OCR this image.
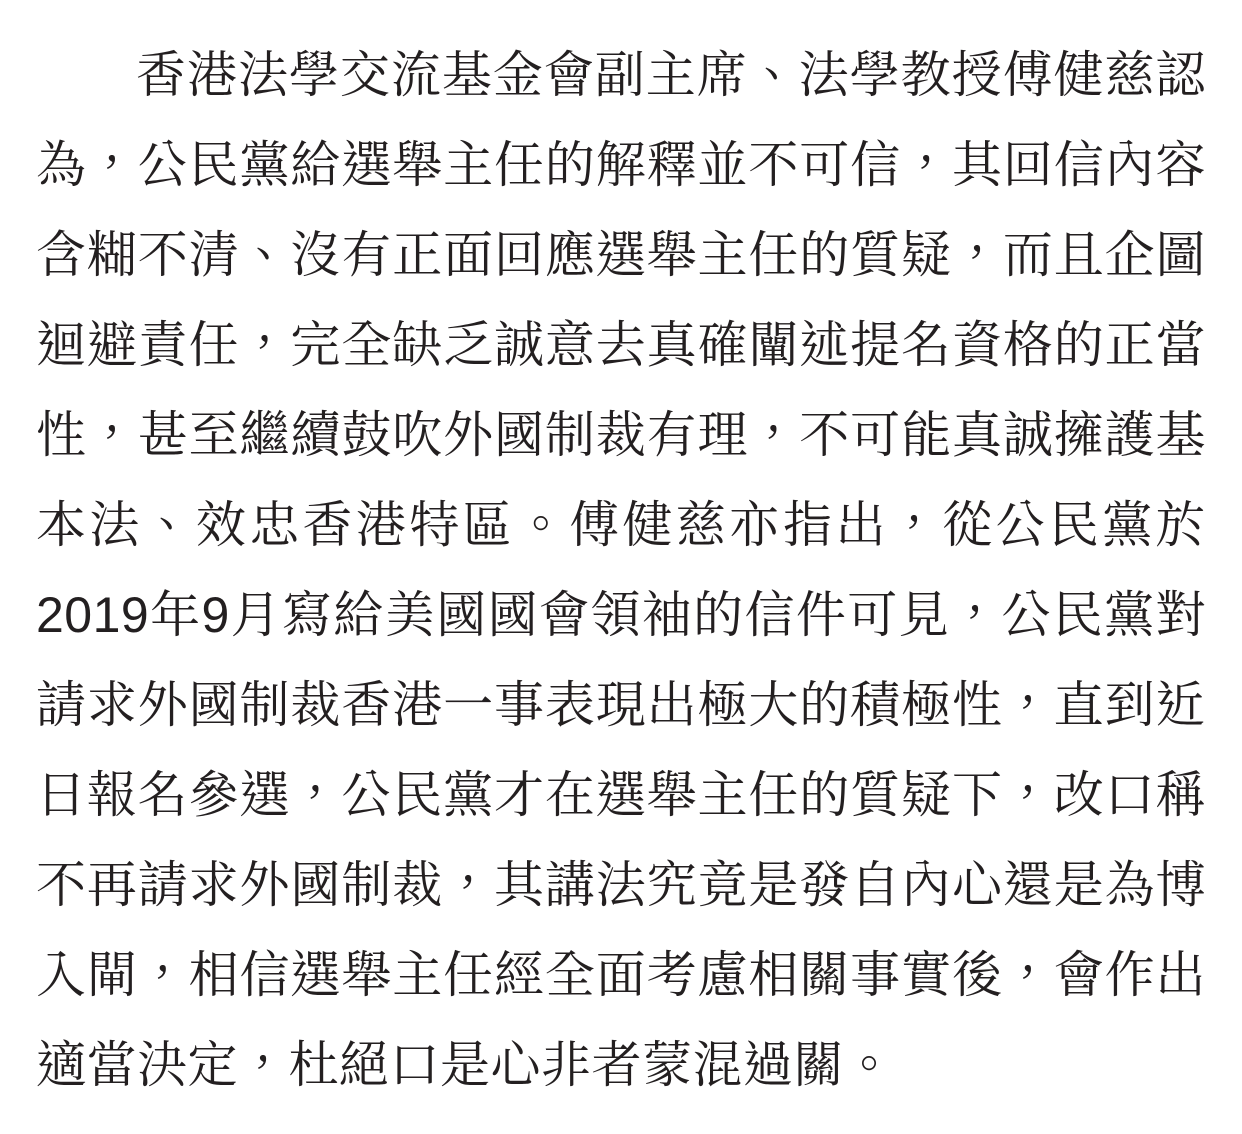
香港法學交流基金會副主席、法學教授傅健慈認為，公民黨給選舉主任的解釋並不可信，其回信內容含糊不清、沒有正面回應選舉主任的質疑，而且企圖迴避責任，完全缺乏誠意去真確闡述提名資格的正當性，甚至繼續鼓吹外國制裁有理，不可能真誠擁護基本法、效忠香港特區。傅健慈亦指出，從公民黨於2019年9月寫給美國國會領袖的信件可見，公民黨對請求外國制裁香港一事表現出極大的積極性，直到近日報名參選，公民黨才在選舉主任的質疑下，改口稱不再請求外國制裁，其講法究竟是發自內心還是為博入閘，相信選舉主任經全面考慮相關事實後，會作出適當決定，杜絕口是心非者蒙混過關。
